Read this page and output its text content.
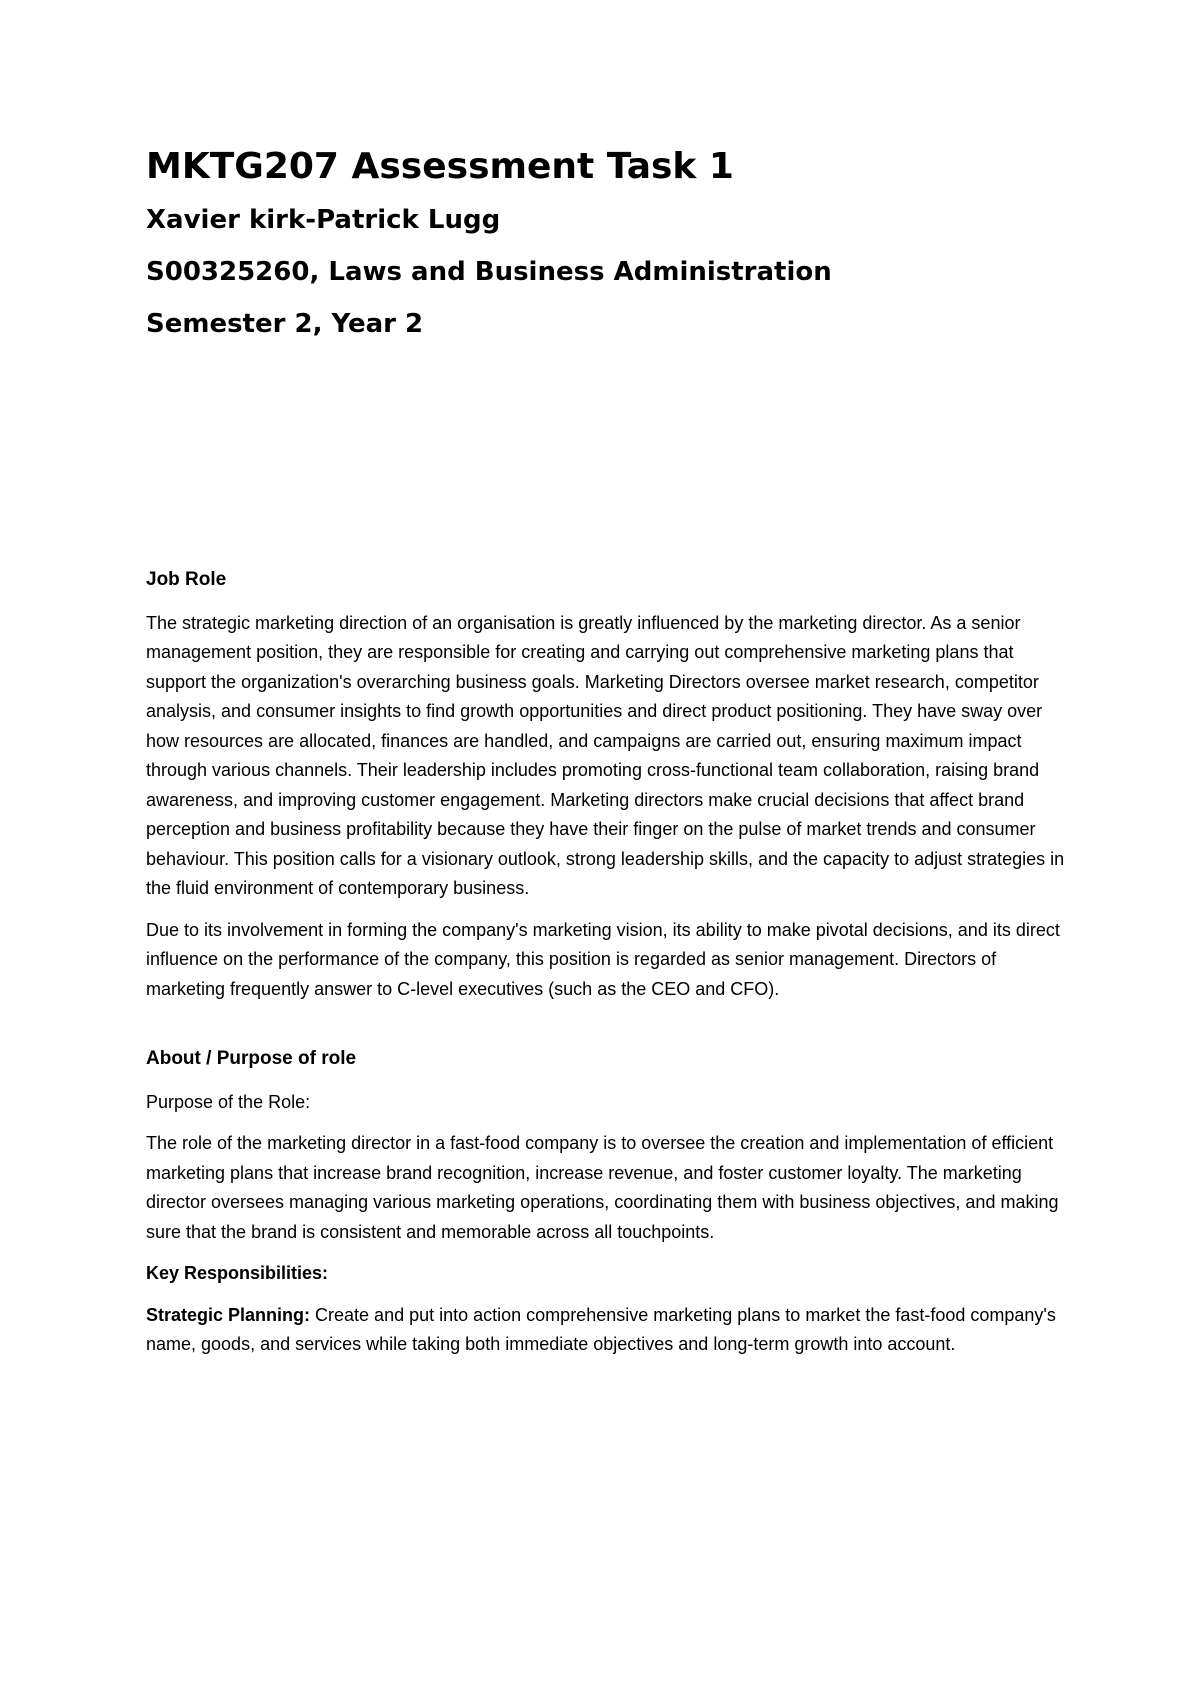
MKTG207 Assessment Task 1

Xavier kirk-Patrick Lugg

S00325260, Laws and Business Administration

Semester 2, Year 2

Job Role

The strategic marketing direction of an organisation is greatly influenced by the marketing director. As a senior management position, they are responsible for creating and carrying out comprehensive marketing plans that support the organization's overarching business goals. Marketing Directors oversee market research, competitor analysis, and consumer insights to find growth opportunities and direct product positioning. They have sway over how resources are allocated, finances are handled, and campaigns are carried out, ensuring maximum impact through various channels. Their leadership includes promoting cross-functional team collaboration, raising brand awareness, and improving customer engagement. Marketing directors make crucial decisions that affect brand perception and business profitability because they have their finger on the pulse of market trends and consumer behaviour. This position calls for a visionary outlook, strong leadership skills, and the capacity to adjust strategies in the fluid environment of contemporary business.

Due to its involvement in forming the company's marketing vision, its ability to make pivotal decisions, and its direct influence on the performance of the company, this position is regarded as senior management. Directors of marketing frequently answer to C-level executives (such as the CEO and CFO).

About / Purpose of role

Purpose of the Role:

The role of the marketing director in a fast-food company is to oversee the creation and implementation of efficient marketing plans that increase brand recognition, increase revenue, and foster customer loyalty. The marketing director oversees managing various marketing operations, coordinating them with business objectives, and making sure that the brand is consistent and memorable across all touchpoints.

Key Responsibilities:

Strategic Planning: Create and put into action comprehensive marketing plans to market the fast-food company's name, goods, and services while taking both immediate objectives and long-term growth into account.
